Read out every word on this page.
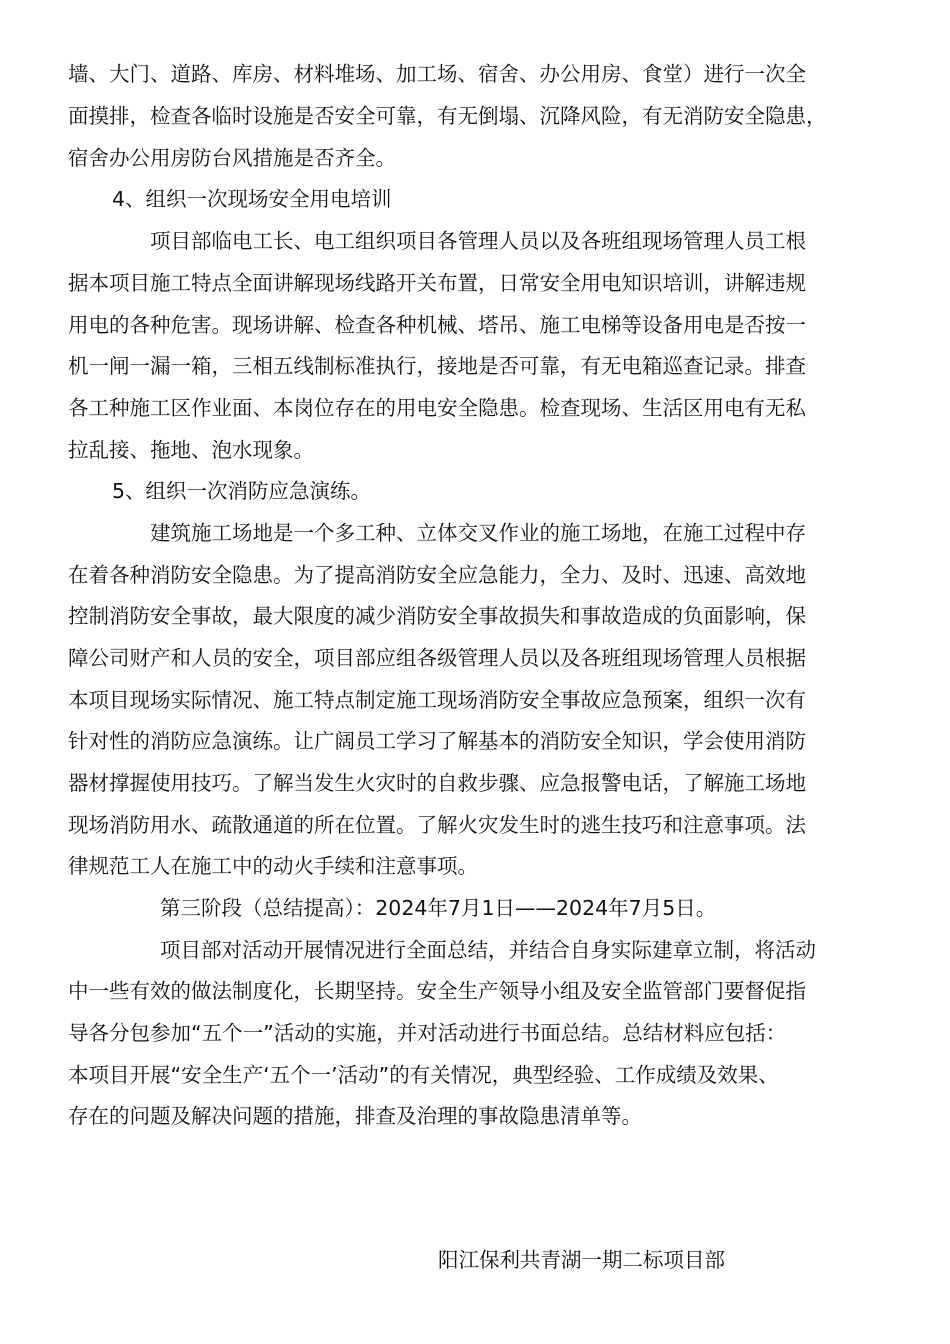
墙、大门、道路、库房、材料堆场、加工场、宿舍、办公用房、食堂）进行一次全
面摸排，检查各临时设施是否安全可靠，有无倒塌、沉降风险，有无消防安全隐患，
宿舍办公用房防台风措施是否齐全。
4、组织一次现场安全用电培训
项目部临电工长、电工组织项目各管理人员以及各班组现场管理人员工根
据本项目施工特点全面讲解现场线路开关布置，日常安全用电知识培训，讲解违规
用电的各种危害。现场讲解、检查各种机械、塔吊、施工电梯等设备用电是否按一
机一闸一漏一箱，三相五线制标准执行，接地是否可靠，有无电箱巡查记录。排查
各工种施工区作业面、本岗位存在的用电安全隐患。检查现场、生活区用电有无私
拉乱接、拖地、泡水现象。
5、组织一次消防应急演练。
建筑施工场地是一个多工种、立体交叉作业的施工场地，在施工过程中存
在着各种消防安全隐患。为了提高消防安全应急能力，全力、及时、迅速、高效地
控制消防安全事故，最大限度的减少消防安全事故损失和事故造成的负面影响，保
障公司财产和人员的安全，项目部应组各级管理人员以及各班组现场管理人员根据
本项目现场实际情况、施工特点制定施工现场消防安全事故应急预案，组织一次有
针对性的消防应急演练。让广阔员工学习了解基本的消防安全知识，学会使用消防
器材撑握使用技巧。了解当发生火灾时的自救步骤、应急报警电话，了解施工场地
现场消防用水、疏散通道的所在位置。了解火灾发生时的逃生技巧和注意事项。法
律规范工人在施工中的动火手续和注意事项。
第三阶段（总结提高）：2024年7月1日——2024年7月5日。
项目部对活动开展情况进行全面总结，并结合自身实际建章立制，将活动
中一些有效的做法制度化，长期坚持。安全生产领导小组及安全监管部门要督促指
导各分包参加“五个一”活动的实施，并对活动进行书面总结。总结材料应包括：
本项目开展“安全生产‘五个一’活动”的有关情况，典型经验、工作成绩及效果、
存在的问题及解决问题的措施，排查及治理的事故隐患清单等。
阳江保利共青湖一期二标项目部
